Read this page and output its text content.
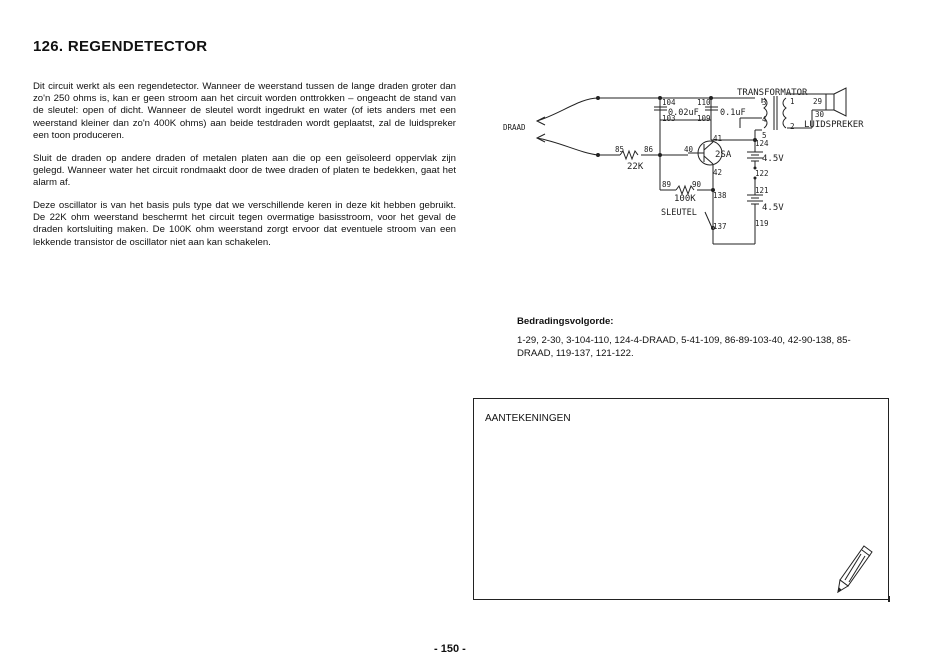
126. REGENDETECTOR

Dit circuit werkt als een regendetector. Wanneer de weerstand tussen de lange draden groter dan zo'n 250 ohms is, kan er geen stroom aan het circuit worden onttrokken – ongeacht de stand van de sleutel: open of dicht. Wanneer de sleutel wordt ingedrukt en water (of iets anders met een weerstand kleiner dan zo'n 400K ohms) aan beide testdraden wordt geplaatst, zal de luidspreker een toon produceren.

Sluit de draden op andere draden of metalen platen aan die op een geïsoleerd oppervlak zijn gelegd. Wanneer water het circuit rondmaakt door de twee draden of platen te bedekken, gaat het alarm af.

Deze oscillator is van het basis puls type dat we verschillende keren in deze kit hebben gebruikt. De 22K ohm weerstand beschermt het circuit tegen overmatige basisstroom, voor het geval de draden kortsluiting maken. De 100K ohm weerstand zorgt ervoor dat eventuele stroom van een lekkende transistor de oscillator niet aan kan schakelen.

DRAAD
TRANSFORMATOR
LUIDSPREKER
SLEUTEL
2SA	4.5V
4.5V
0.02uF	0.1uF
22K
100K
104	110
103	109
3	1 29
4
30
2
5
124
41
40
42
85	86
89	90
138
122
121
137	119
Bedradingsvolgorde:

1-29, 2-30, 3-104-110, 124-4-DRAAD, 5-41-109, 86-89-103-40, 42-90-138, 85-DRAAD, 119-137, 121-122.

AANTEKENINGEN
- 150 -
